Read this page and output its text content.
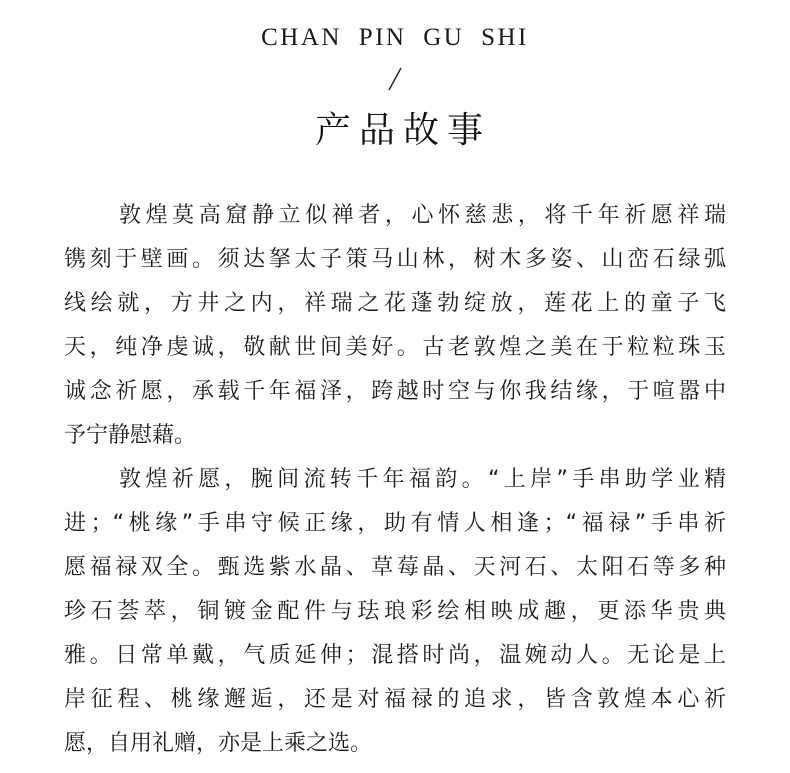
CHAN PIN GU SHI
产品故事
敦煌莫高窟静立似禅者，心怀慈悲，将千年祈愿祥瑞
镌刻于壁画。须达拏太子策马山林，树木多姿、山峦石绿弧
线绘就，方井之内，祥瑞之花蓬勃绽放，莲花上的童子飞
天，纯净虔诚，敬献世间美好。古老敦煌之美在于粒粒珠玉
诚念祈愿，承载千年福泽，跨越时空与你我结缘，于喧嚣中
予宁静慰藉。
敦煌祈愿，腕间流转千年福韵。“上岸”手串助学业精
进；“桃缘”手串守候正缘，助有情人相逢；“福禄”手串祈
愿福禄双全。甄选紫水晶、草莓晶、天河石、太阳石等多种
珍石荟萃，铜镀金配件与珐琅彩绘相映成趣，更添华贵典
雅。日常单戴，气质延伸；混搭时尚，温婉动人。无论是上
岸征程、桃缘邂逅，还是对福禄的追求，皆含敦煌本心祈
愿，自用礼赠，亦是上乘之选。
